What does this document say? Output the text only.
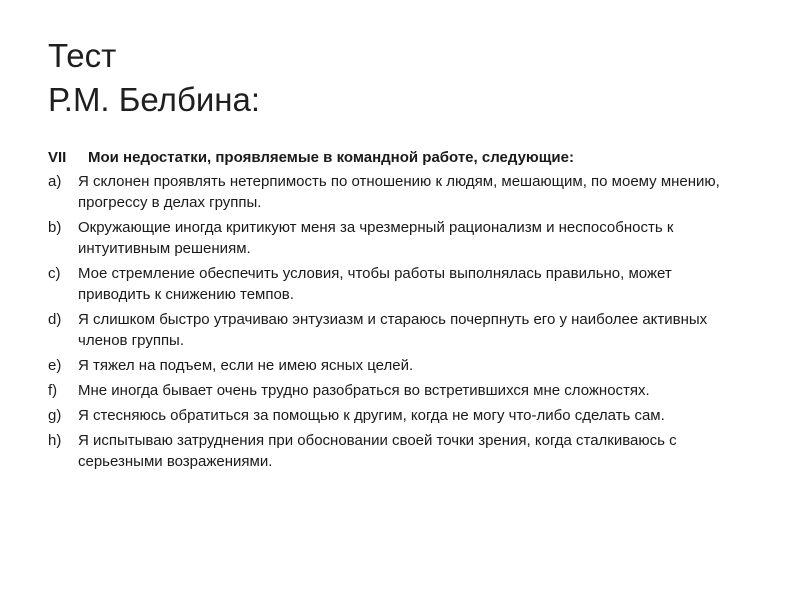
Тест
Р.М. Белбина:
VII	Мои недостатки, проявляемые в командной работе, следующие:
a)	Я склонен проявлять нетерпимость по отношению к людям, мешающим, по моему мнению, прогрессу в делах группы.
b)	Окружающие иногда критикуют меня за чрезмерный рационализм и неспособность к интуитивным решениям.
c)	Мое стремление обеспечить условия, чтобы работы выполнялась правильно, может приводить к снижению темпов.
d)	Я слишком быстро утрачиваю энтузиазм и стараюсь почерпнуть его у наиболее активных членов группы.
e)	Я тяжел на подъем, если не имею ясных целей.
f)	Мне иногда бывает очень трудно разобраться во встретившихся мне сложностях.
g)	Я стесняюсь обратиться за помощью к другим, когда не могу что-либо сделать сам.
h)	Я испытываю затруднения при обосновании своей точки зрения, когда сталкиваюсь с серьезными возражениями.
